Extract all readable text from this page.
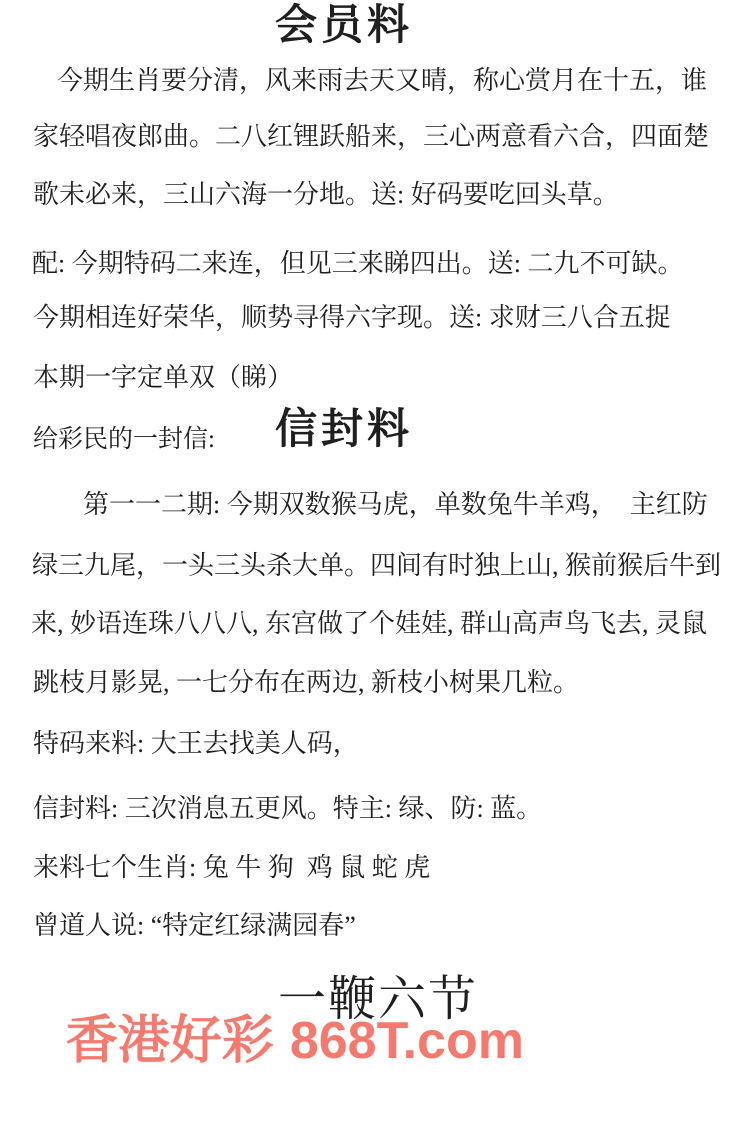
会员料
今期生肖要分清，风来雨去天又晴，称心赏月在十五，谁
家轻唱夜郎曲。二八红锂跃船来，三心两意看六合，四面楚
歌未必来，三山六海一分地。送: 好码要吃回头草。
配: 今期特码二来连，但见三来睇四出。送: 二九不可缺。
今期相连好荣华，顺势寻得六字现。送: 求财三八合五捉
本期一字定单双（睇）
给彩民的一封信: 信封料
第一一二期: 今期双数猴马虎，单数兔牛羊鸡，  主红防
绿三九尾，一头三头杀大单。四间有时独上山, 猴前猴后牛到
来, 妙语连珠八八八, 东宫做了个娃娃, 群山高声鸟飞去, 灵鼠
跳枝月影晃, 一七分布在两边, 新枝小树果几粒。
特码来料: 大王去找美人码，
信封料: 三次消息五更风。特主: 绿、防: 蓝。
来料七个生肖: 兔 牛 狗  鸡 鼠 蛇 虎
曾道人说: “特定红绿满园春”

香港好彩 868T.com

一鞭六节
